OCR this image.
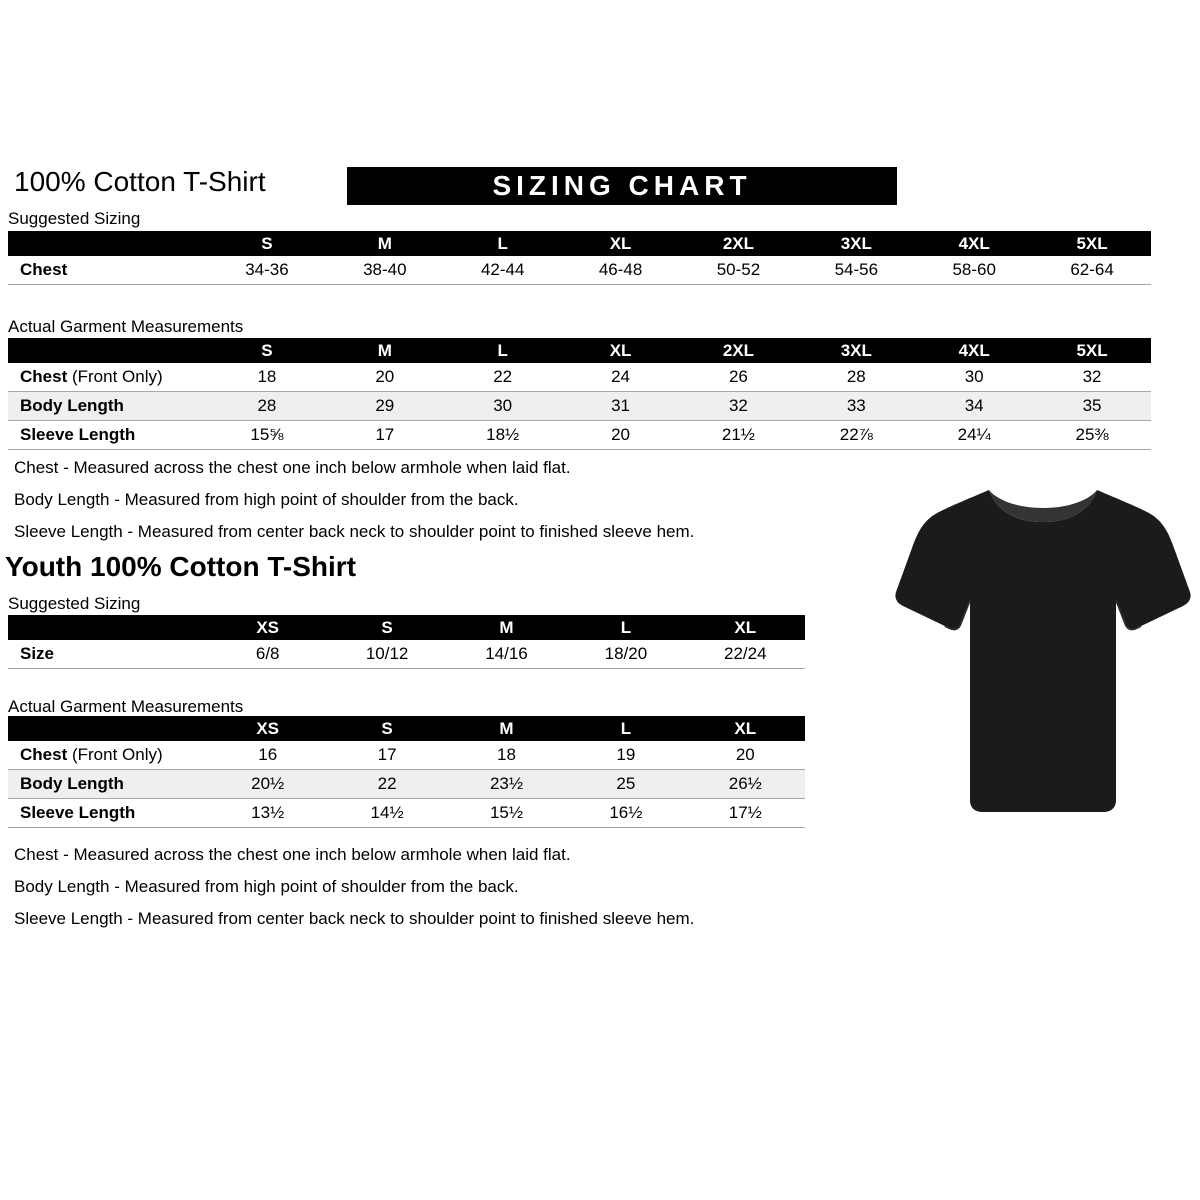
100% Cotton T-Shirt	SIZING CHART
Suggested Sizing
S	M	L	XL	2XL	3XL	4XL	5XL
Chest	34-36	38-40	42-44	46-48	50-52	54-56	58-60	62-64
Actual Garment Measurements
S	M	L	XL	2XL	3XL	4XL	5XL
Chest (Front Only)	18	20	22	24	26	28	30	32
Body Length	28	29	30	31	32	33	34	35
Sleeve Length	15⅝	17	18½	20	21½	22⅞	24¼	25⅜
Chest - Measured across the chest one inch below armhole when laid flat.
Body Length - Measured from high point of shoulder from the back.
Sleeve Length - Measured from center back neck to shoulder point to finished sleeve hem.
Youth 100% Cotton T-Shirt
Suggested Sizing
XS	S	M	L	XL
Size	6/8	10/12	14/16	18/20	22/24
Actual Garment Measurements
XS	S	M	L	XL
Chest (Front Only)	16	17	18	19	20
Body Length	20½	22	23½	25	26½
Sleeve Length	13½	14½	15½	16½	17½
Chest - Measured across the chest one inch below armhole when laid flat.
Body Length - Measured from high point of shoulder from the back.
Sleeve Length - Measured from center back neck to shoulder point to finished sleeve hem.
